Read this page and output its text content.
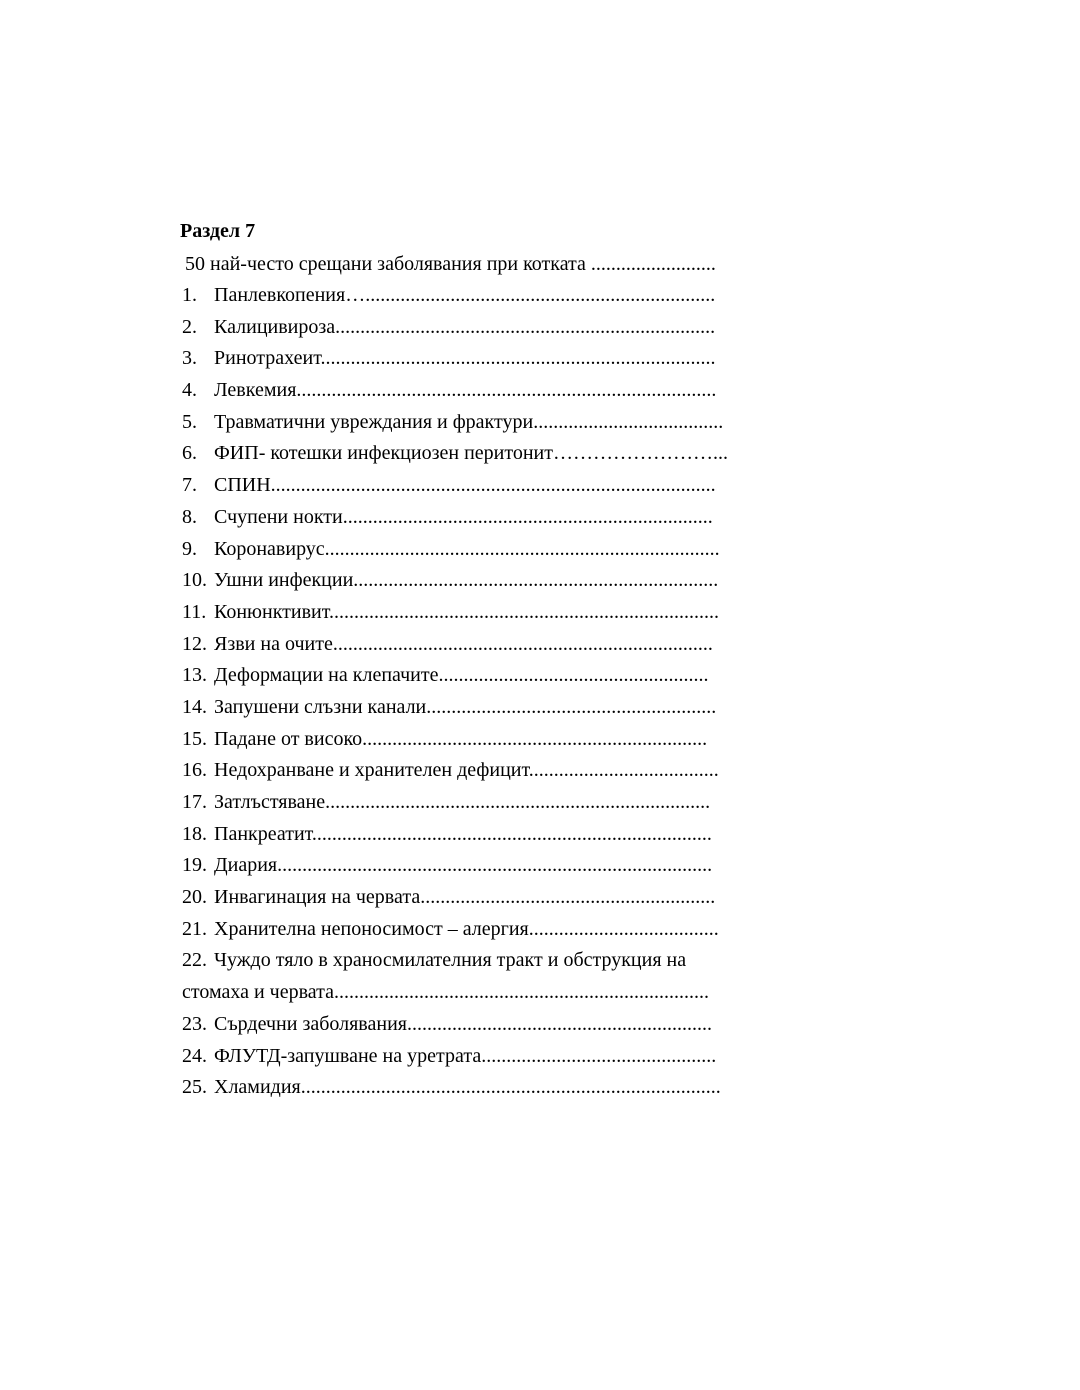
Раздел 7
50 най-често срещани заболявания при котката .........................
1. Панлевкопения…......................................................................
2. Калицивироза............................................................................
3. Ринотрахеит...............................................................................
4. Левкемия....................................................................................
5. Травматични увреждания и фрактури......................................
6. ФИП- котешки инфекциозен перитонит……………………...
7. СПИН.........................................................................................
8. Счупени нокти..........................................................................
9. Коронавирус...............................................................................
10. Ушни инфекции.........................................................................
11. Конюнктивит..............................................................................
12. Язви на очите............................................................................
13. Деформации на клепачите......................................................
14. Запушени слъзни канали..........................................................
15. Падане от високо.....................................................................
16. Недохранване и хранителен дефицит......................................
17. Затлъстяване.............................................................................
18. Панкреатит................................................................................
19. Диария.......................................................................................
20. Инвагинация на червата...........................................................
21. Хранителна непоносимост – алергия......................................
22. Чуждо тяло в храносмилателния тракт и обструкция на
стомаха и червата...........................................................................
23. Сърдечни заболявания.............................................................
24. ФЛУТД-запушване на уретрата...............................................
25. Хламидия....................................................................................
